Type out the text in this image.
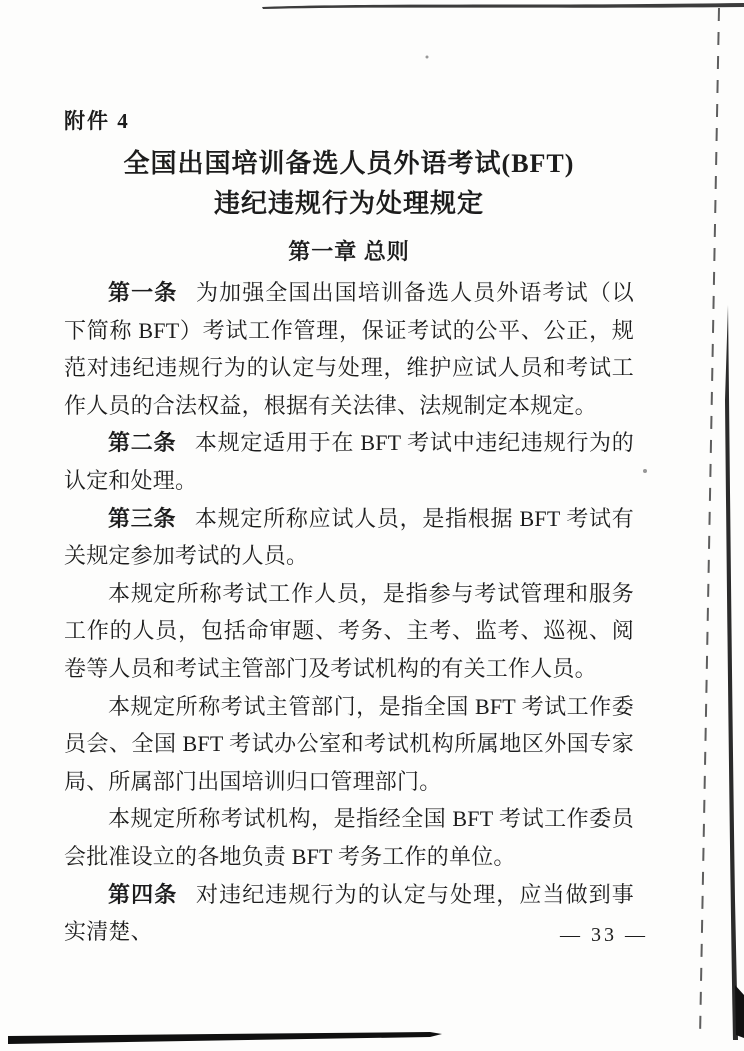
附件 4
全国出国培训备选人员外语考试(BFT)
违纪违规行为处理规定
第一章 总则

第一条 为加强全国出国培训备选人员外语考试（以下简称 BFT）考试工作管理，保证考试的公平、公正，规范对违纪违规行为的认定与处理，维护应试人员和考试工作人员的合法权益，根据有关法律、法规制定本规定。

第二条 本规定适用于在 BFT 考试中违纪违规行为的认定和处理。

第三条 本规定所称应试人员，是指根据 BFT 考试有关规定参加考试的人员。

本规定所称考试工作人员，是指参与考试管理和服务工作的人员，包括命审题、考务、主考、监考、巡视、阅卷等人员和考试主管部门及考试机构的有关工作人员。

本规定所称考试主管部门，是指全国 BFT 考试工作委员会、全国 BFT 考试办公室和考试机构所属地区外国专家局、所属部门出国培训归口管理部门。

本规定所称考试机构，是指经全国 BFT 考试工作委员会批准设立的各地负责 BFT 考务工作的单位。

第四条 对违纪违规行为的认定与处理，应当做到事实清楚、	— 33 —
